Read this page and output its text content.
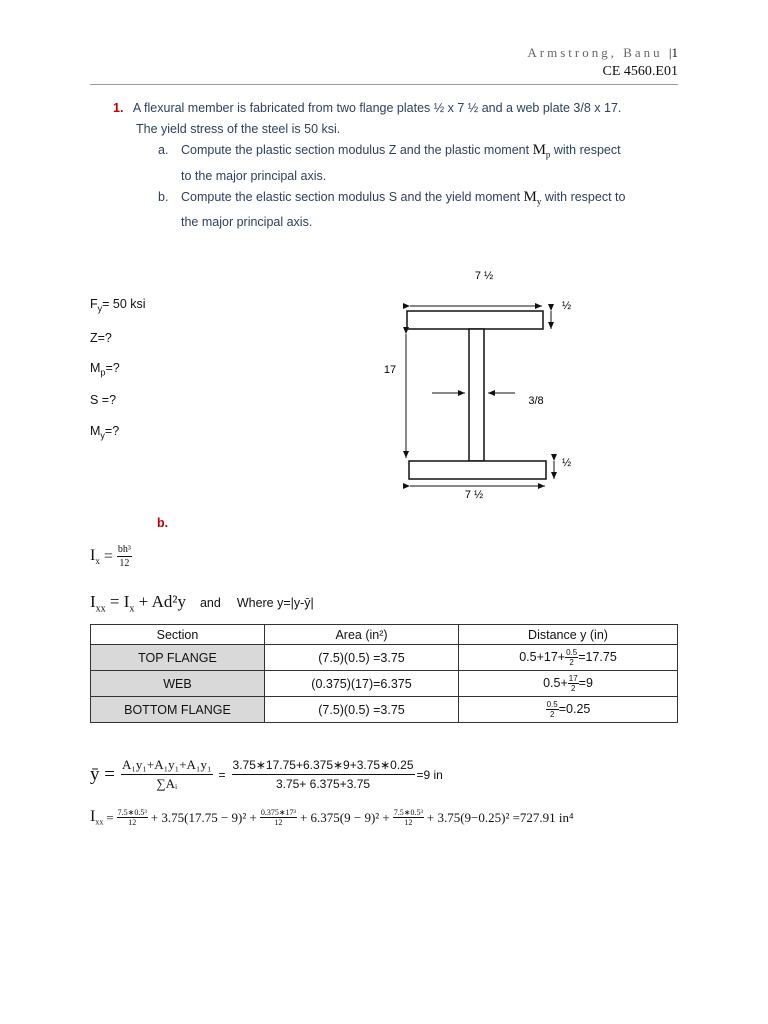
Armstrong, Banu |1
CE 4560.E01
1. A flexural member is fabricated from two flange plates ½ x 7 ½ and a web plate 3/8 x 17.
The yield stress of the steel is 50 ksi.
a.	Compute the plastic section modulus Z and the plastic moment $M_p$ with respect
to the major principal axis.
b.	Compute the elastic section modulus S and the yield moment $M_y$ with respect to
the major principal axis.
$F_y= 50$ ksi
Z=?
$M_p=$?
S =?
$M_y=$?
7 ½
½
17
3/8
½
7 ½
b.
$I_x = \frac{\text{bh³}}{12}$
$I_{xx} = I_x + Ad^2y$ and Where y=|y-ȳ|
Section	Area (in²)	Distance y (in)
TOP FLANGE	(7.5)(0.5) =3.75	$0.5+17+ \frac{0.5}{2} =17.75$
WEB	(0.375)(17)=6.375	$0.5+ \frac{17}{2} =9$
BOTTOM FLANGE	(7.5)(0.5) =3.75	$\frac{0.5}{2} =0.25$
ȳ = $\frac{\text{A₁y₁+A₁y₁+A₁y₁}}{\text{∑Aᵢ}} = \frac{3.75∗17.75+6.375∗9+3.75∗0.25}{3.75+ 6.375+3.75} =9$ in
$I_{xx} = \frac{\text{7.5∗0.5³}}{12} + 3.75(17.75 - 9)^2 + \frac{\text{0.375∗17³}}{12} + 6.375(9 - 9)^2 + \frac{\text{7.5∗0.5³}}{12} + 3.75(9-0.25)^2 =727.91$ in⁴
